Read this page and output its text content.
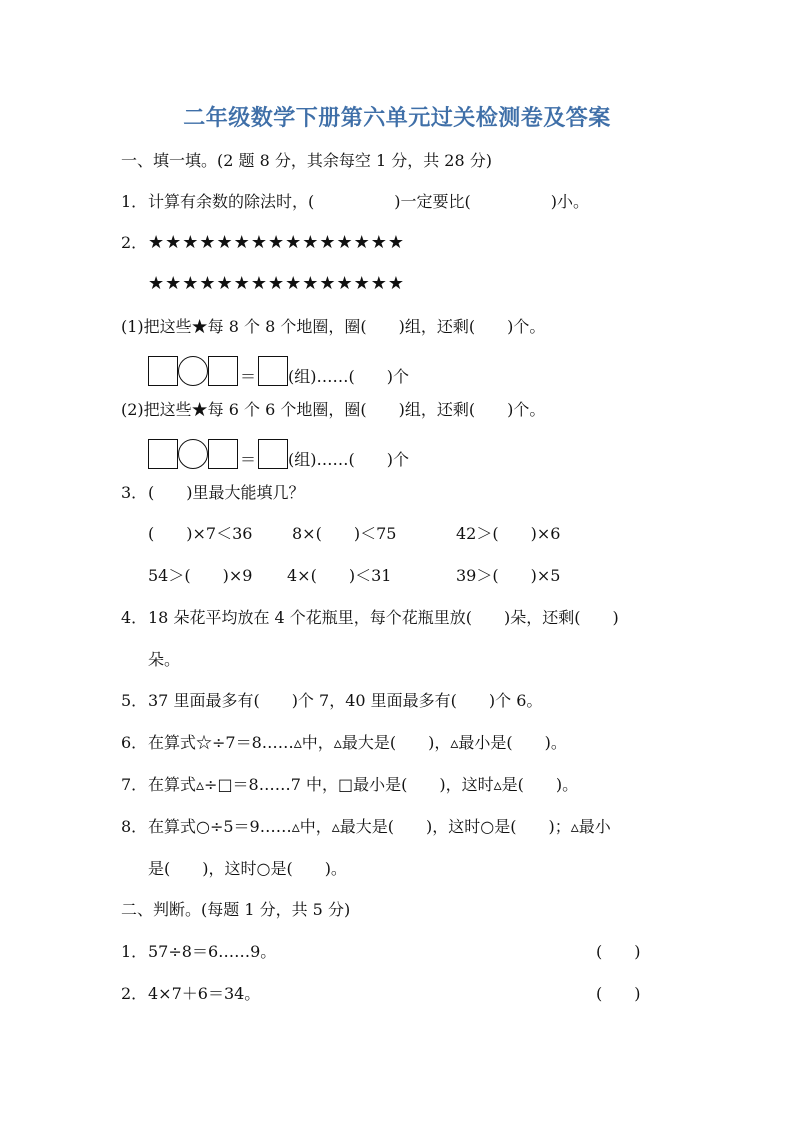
二年级数学下册第六单元过关检测卷及答案
一、填一填。(2 题 8 分，其余每空 1 分，共 28 分)
1．计算有余数的除法时，(　　　　　)一定要比(　　　　　)小。
2．★★★★★★★★★★★★★★★
★★★★★★★★★★★★★★★
(1)把这些★每 8 个 8 个地圈，圈(　　)组，还剩(　　)个。
＝ (组)……(　　)个
(2)把这些★每 6 个 6 个地圈，圈(　　)组，还剩(　　)个。
＝ (组)……(　　)个
3．(　　)里最大能填几？
(　　)×7＜36 8×(　　)＜75	42＞(　　)×6
54＞(　　)×9 4×(　　)＜31	39＞(　　)×5
4．18 朵花平均放在 4 个花瓶里，每个花瓶里放(　　)朵，还剩(　　)
朵。
5．37 里面最多有(　　)个 7，40 里面最多有(　　)个 6。
6．在算式☆÷7＝8……▵中，▵最大是(　　)，▵最小是(　　)。
7．在算式▵÷□＝8……7 中，□最小是(　　)，这时▵是(　　)。
8．在算式○÷5＝9……▵中，▵最大是(　　)，这时○是(　　)；▵最小
是(　　)，这时○是(　　)。
二、判断。(每题 1 分，共 5 分)
1．57÷8＝6……9。	(　　)
2．4×7＋6＝34。	(　　)
